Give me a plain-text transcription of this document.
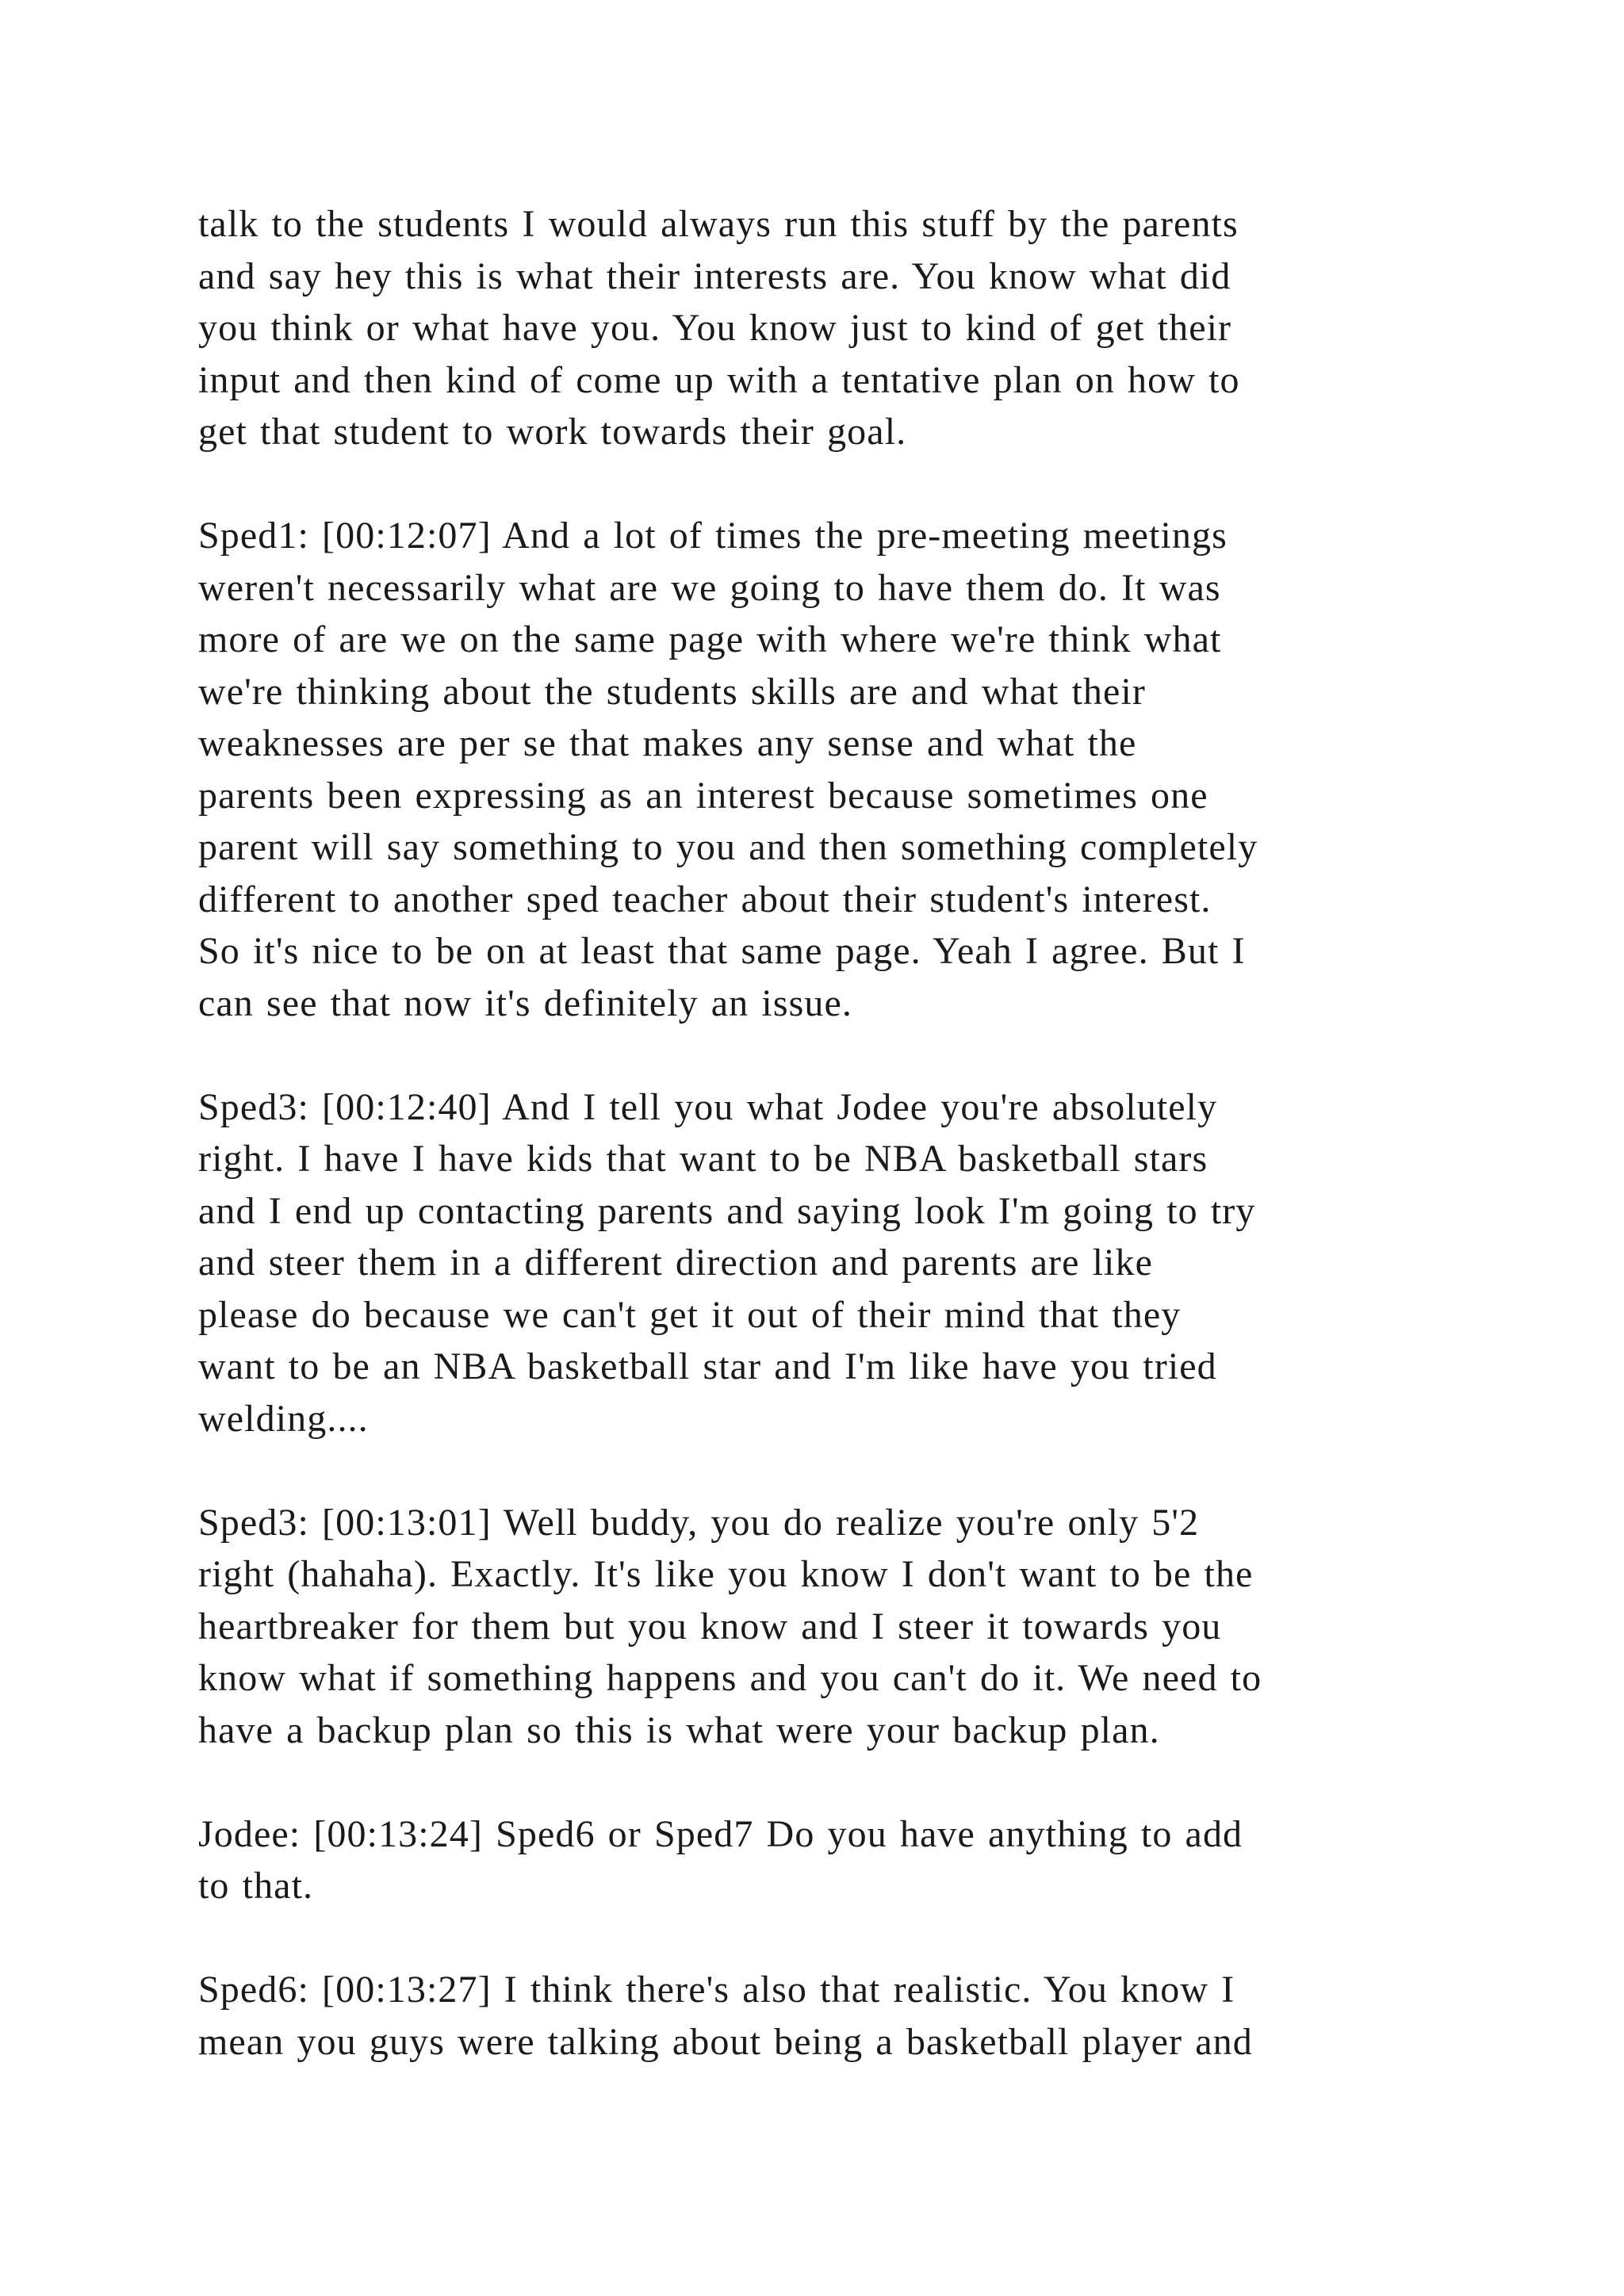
talk to the students I would always run this stuff by the parents
and say hey this is what their interests are. You know what did
you think or what have you. You know just to kind of get their
input and then kind of come up with a tentative plan on how to
get that student to work towards their goal.

Sped1: [00:12:07] And a lot of times the pre-meeting meetings
weren't necessarily what are we going to have them do. It was
more of are we on the same page with where we're think what
we're thinking about the students skills are and what their
weaknesses are per se that makes any sense and what the
parents been expressing as an interest because sometimes one
parent will say something to you and then something completely
different to another sped teacher about their student's interest.
So it's nice to be on at least that same page. Yeah I agree. But I
can see that now it's definitely an issue.

Sped3: [00:12:40] And I tell you what Jodee you're absolutely
right. I have I have kids that want to be NBA basketball stars
and I end up contacting parents and saying look I'm going to try
and steer them in a different direction and parents are like
please do because we can't get it out of their mind that they
want to be an NBA basketball star and I'm like have you tried
welding....

Sped3: [00:13:01] Well buddy, you do realize you're only 5'2
right (hahaha). Exactly. It's like you know I don't want to be the
heartbreaker for them but you know and I steer it towards you
know what if something happens and you can't do it. We need to
have a backup plan so this is what were your backup plan.

Jodee: [00:13:24] Sped6 or Sped7 Do you have anything to add
to that.

Sped6: [00:13:27] I think there's also that realistic. You know I
mean you guys were talking about being a basketball player and
